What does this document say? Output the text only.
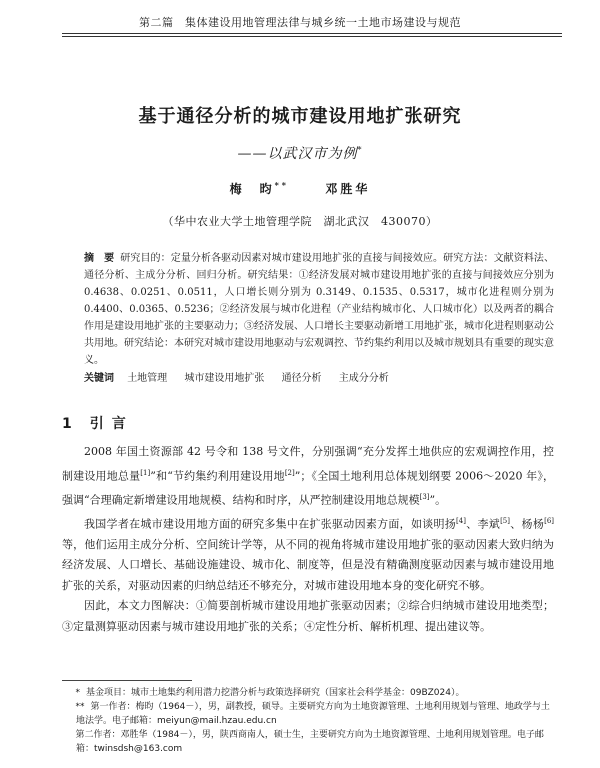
第二篇　集体建设用地管理法律与城乡统一土地市场建设与规范
基于通径分析的城市建设用地扩张研究
——以武汉市为例*
梅　昀**	邓胜华
（华中农业大学土地管理学院　湖北武汉　430070）
摘　要 研究目的：定量分析各驱动因素对城市建设用地扩张的直接与间接效应。研究方法：文献资料法、通径分析、主成分分析、回归分析。研究结果：①经济发展对城市建设用地扩张的直接与间接效应分别为 0.4638、0.0251、0.0511，人口增长则分别为 0.3149、0.1535、0.5317，城市化进程则分别为 0.4400、0.0365、0.5236；②经济发展与城市化进程（产业结构城市化、人口城市化）以及两者的耦合作用是建设用地扩张的主要驱动力；③经济发展、人口增长主要驱动新增工用地扩张，城市化进程则驱动公共用地。研究结论：本研究对城市建设用地驱动与宏观调控、节约集约利用以及城市规划具有重要的现实意义。
关键词 土地管理 城市建设用地扩张 通径分析 主成分分析
1 引言

2008 年国土资源部 42 号令和 138 号文件，分别强调“充分发挥土地供应的宏观调控作用，控制建设用地总量[1]”和“节约集约利用建设用地[2]”；《全国土地利用总体规划纲要 2006～2020 年》，强调“合理确定新增建设用地规模、结构和时序，从严控制建设用地总规模[3]”。

我国学者在城市建设用地方面的研究多集中在扩张驱动因素方面，如谈明扬[4]、李斌[5]、杨杨[6]等，他们运用主成分分析、空间统计学等，从不同的视角将城市建设用地扩张的驱动因素大致归纳为经济发展、人口增长、基础设施建设、城市化、制度等，但是没有精确测度驱动因素与城市建设用地扩张的关系，对驱动因素的归纳总结还不够充分，对城市建设用地本身的变化研究不够。

因此，本文力图解决：①简要剖析城市建设用地扩张驱动因素；②综合归纳城市建设用地类型；③定量测算驱动因素与城市建设用地扩张的关系；④定性分析、解析机理、提出建议等。

* 基金项目：城市土地集约利用潜力挖潜分析与政策选择研究（国家社会科学基金：09BZ024）。

** 第一作者：梅昀（1964－），男，副教授，硕导。主要研究方向为土地资源管理、土地利用规划与管理、地政学与土地法学。电子邮箱：meiyun@mail.hzau.edu.cn

第二作者：邓胜华（1984－），男，陕西商南人，硕士生，主要研究方向为土地资源管理、土地利用规划管理。电子邮箱：twinsdsh@163.com
